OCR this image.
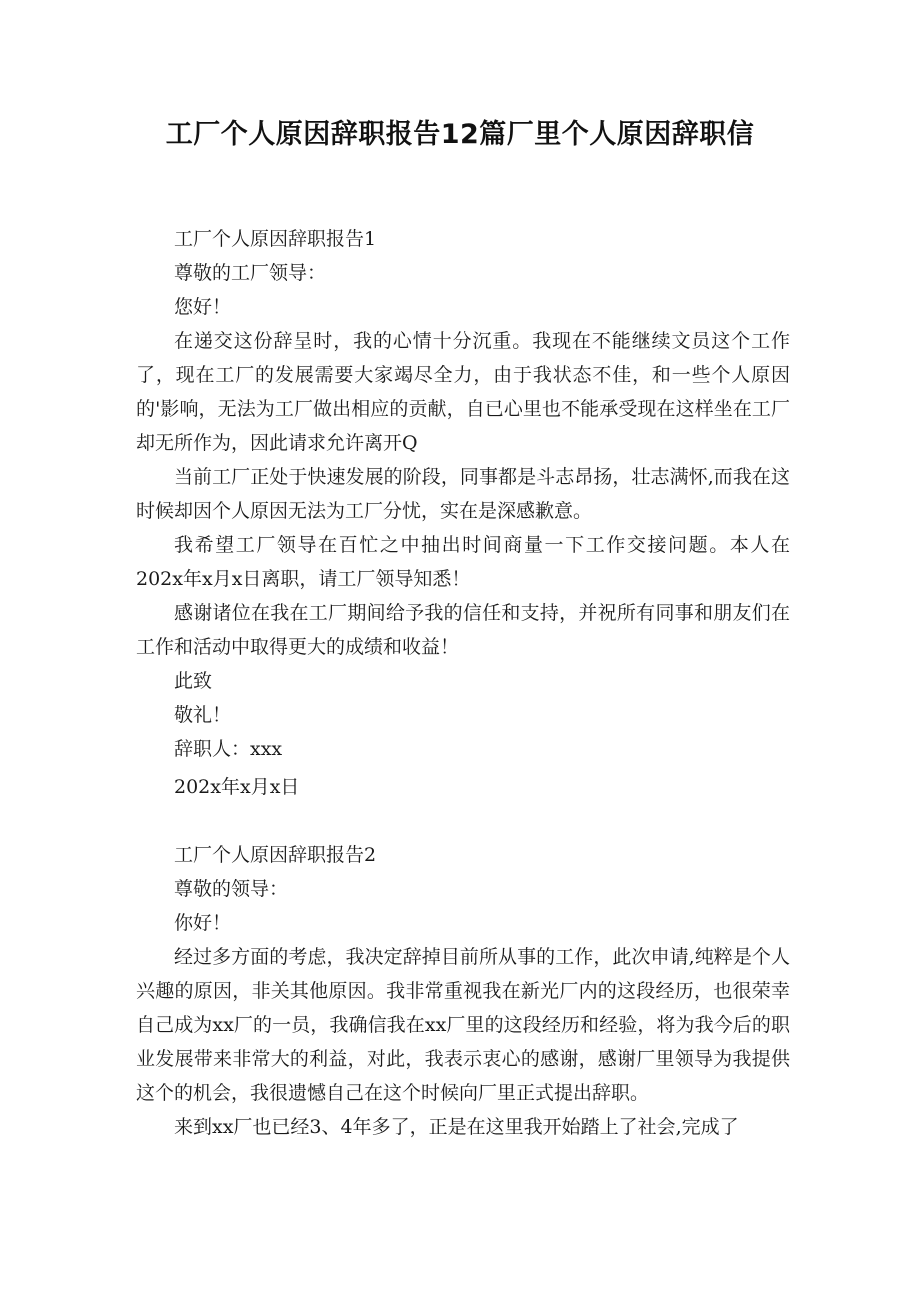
工厂个人原因辞职报告12篇厂里个人原因辞职信

工厂个人原因辞职报告1

尊敬的工厂领导：

您好！

在递交这份辞呈时，我的心情十分沉重。我现在不能继续文员这个工作了，现在工厂的发展需要大家竭尽全力，由于我状态不佳，和一些个人原因的'影响，无法为工厂做出相应的贡献，自已心里也不能承受现在这样坐在工厂却无所作为，因此请求允许离开Q

当前工厂正处于快速发展的阶段，同事都是斗志昂扬，壮志满怀,而我在这时候却因个人原因无法为工厂分忧，实在是深感歉意。

我希望工厂领导在百忙之中抽出时间商量一下工作交接问题。本人在202x年x月x日离职，请工厂领导知悉！

感谢诸位在我在工厂期间给予我的信任和支持，并祝所有同事和朋友们在工作和活动中取得更大的成绩和收益！

此致

敬礼！

辞职人：xxx

202x年x月x日

工厂个人原因辞职报告2

尊敬的领导：

你好！

经过多方面的考虑，我决定辞掉目前所从事的工作，此次申请,纯粹是个人兴趣的原因，非关其他原因。我非常重视我在新光厂内的这段经历，也很荣幸自己成为xx厂的一员，我确信我在xx厂里的这段经历和经验，将为我今后的职业发展带来非常大的利益，对此，我表示衷心的感谢，感谢厂里领导为我提供这个的机会，我很遗憾自己在这个时候向厂里正式提出辞职。

来到xx厂也已经3、4年多了，正是在这里我开始踏上了社会,完成了
